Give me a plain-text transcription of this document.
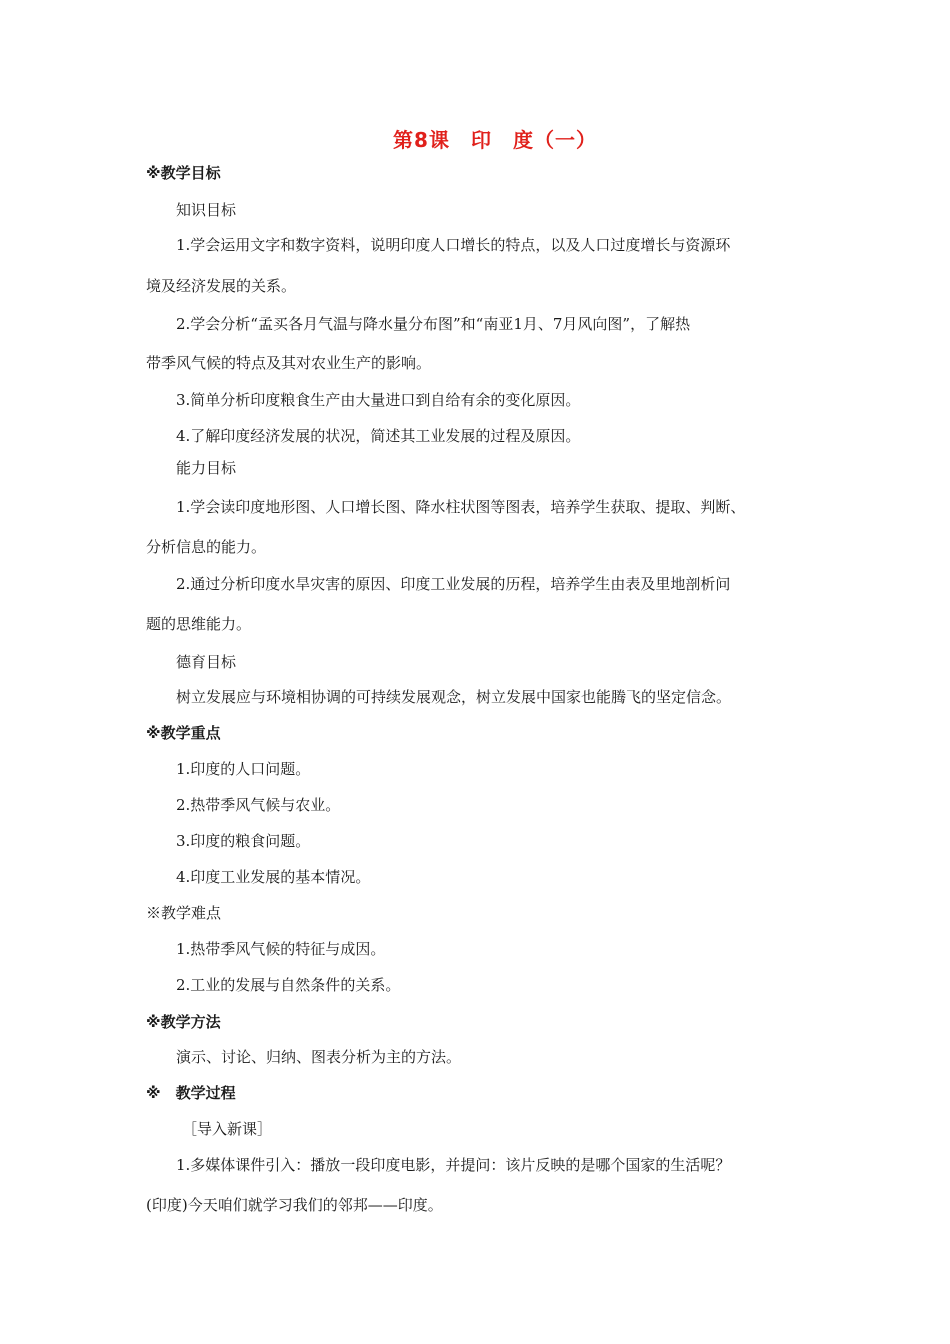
第8课　印　度（一）
※教学目标
知识目标
1.学会运用文字和数字资料，说明印度人口增长的特点，以及人口过度增长与资源环
境及经济发展的关系。
2.学会分析“孟买各月气温与降水量分布图”和“南亚1月、7月风向图”，了解热
带季风气候的特点及其对农业生产的影响。
3.简单分析印度粮食生产由大量进口到自给有余的变化原因。
4.了解印度经济发展的状况，简述其工业发展的过程及原因。
能力目标
1.学会读印度地形图、人口增长图、降水柱状图等图表，培养学生获取、提取、判断、
分析信息的能力。
2.通过分析印度水旱灾害的原因、印度工业发展的历程，培养学生由表及里地剖析问
题的思维能力。
德育目标
树立发展应与环境相协调的可持续发展观念，树立发展中国家也能腾飞的坚定信念。
※教学重点
1.印度的人口问题。
2.热带季风气候与农业。
3.印度的粮食问题。
4.印度工业发展的基本情况。
※教学难点
1.热带季风气候的特征与成因。
2.工业的发展与自然条件的关系。
※教学方法
演示、讨论、归纳、图表分析为主的方法。
※　教学过程
［导入新课］
1.多媒体课件引入：播放一段印度电影，并提问：该片反映的是哪个国家的生活呢？
(印度)今天咱们就学习我们的邻邦——印度。
